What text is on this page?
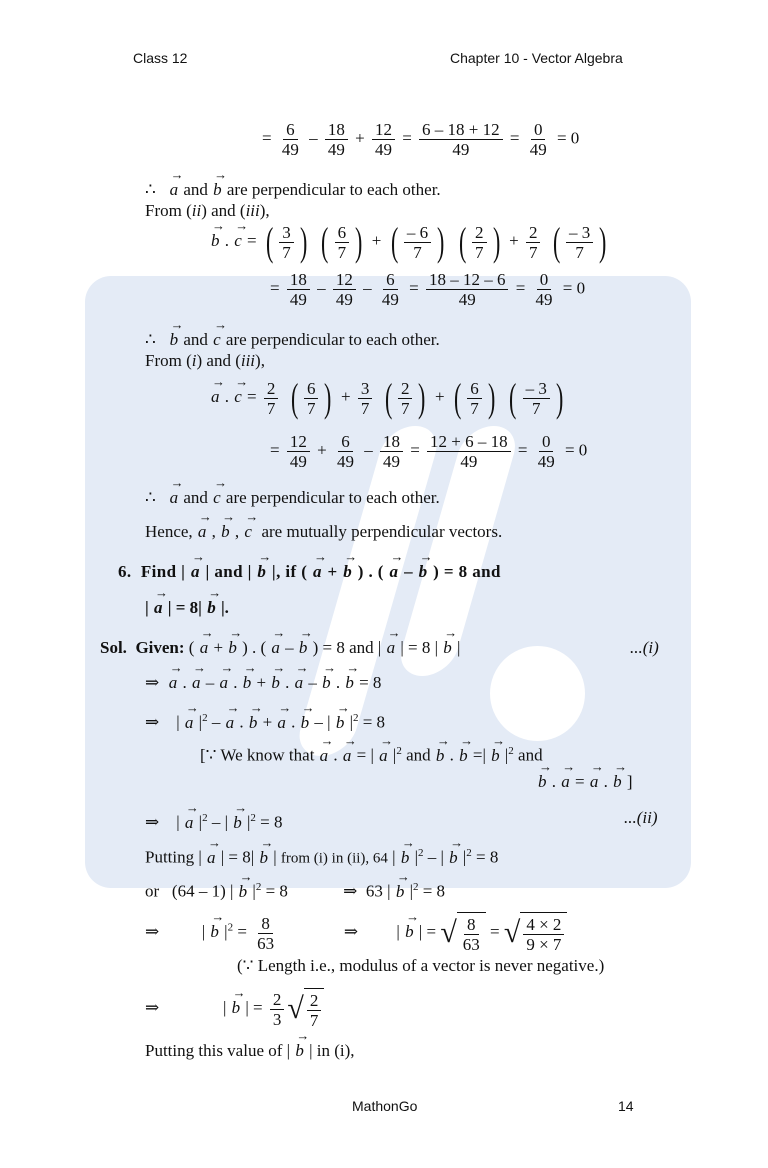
Class 12	Chapter 10 - Vector Algebra
= $\frac{6}{49} - \frac{18}{49} + \frac{12}{49} = \frac{6 - 18 + 12}{49} = \frac{0}{49} = 0$
∴ → a and → b are perpendicular to each other.
From (ii) and (iii),
→ b . → c = ( $\frac{3}{7}$ )
( $\frac{6}{7}$ ) + ( $\frac{- 6}{7}$ )
( $\frac{2}{7}$ ) + $\frac{2}{7}$
( $\frac{- 3}{7}$ )
= $\frac{18}{49} - \frac{12}{49} - \frac{6}{49} = \frac{18 - 12 - 6}{49} = \frac{0}{49} = 0$
∴ → b and → c are perpendicular to each other.
From (i) and (iii),
→ a . → $c = \frac{2}{7}$
( $\frac{6}{7}$ ) + $\frac{3}{7}$
( $\frac{2}{7}$ ) + ( $\frac{6}{7}$ )
( $\frac{- 3}{7}$ )
= $\frac{12}{49} + \frac{6}{49} - \frac{18}{49} = \frac{12 + 6 - 18}{49} = \frac{0}{49} = 0$
∴ → a and → c are perpendicular to each other.
Hence, → a , → b , → c are mutually perpendicular vectors.
6. Find | → a | and | → b |, if ( → a + → b ) . ( → a – → b ) = 8 and
| → a | = 8| → b |.
Sol. Given: ( → a + → b ) . ( → a – → b ) = 8 and | → a | = 8 | → b |	...(i)
⇒  → a . → a – → a . → b + → b . → a – → b . → b = 8
⇒    | → a $|^2$ – → a . → b + → a . → b – | → b $|^2 = 8$
[∵ We know that → a . → a = | → a $|^2$ and → b . → b =| → b $|^2$ and
→ b . → a = → a . → b ]
⇒    | → a $|^2$ – | → b $|^2 = 8$	...(ii)
Putting | → a | = 8| → b | from (i) in (ii), 64 | → b $|^2$ – | → b $|^2 = 8$
or   (64 – 1) | → b $|^2 = 8$             ⇒  63 | → b $|^2 = 8$
⇒          | → b $|^2 = \frac{8}{63}$ ⇒         | → b | = √ $\frac{8}{63}$ = √ $\frac{4 \times 2}{9 \times 7}$
(∵ Length i.e., modulus of a vector is never negative.)
⇒               | → b | = $\frac{2}{3}$ √ $\frac{2}{7}$
Putting this value of | → b | in (i),
MathonGo	14
